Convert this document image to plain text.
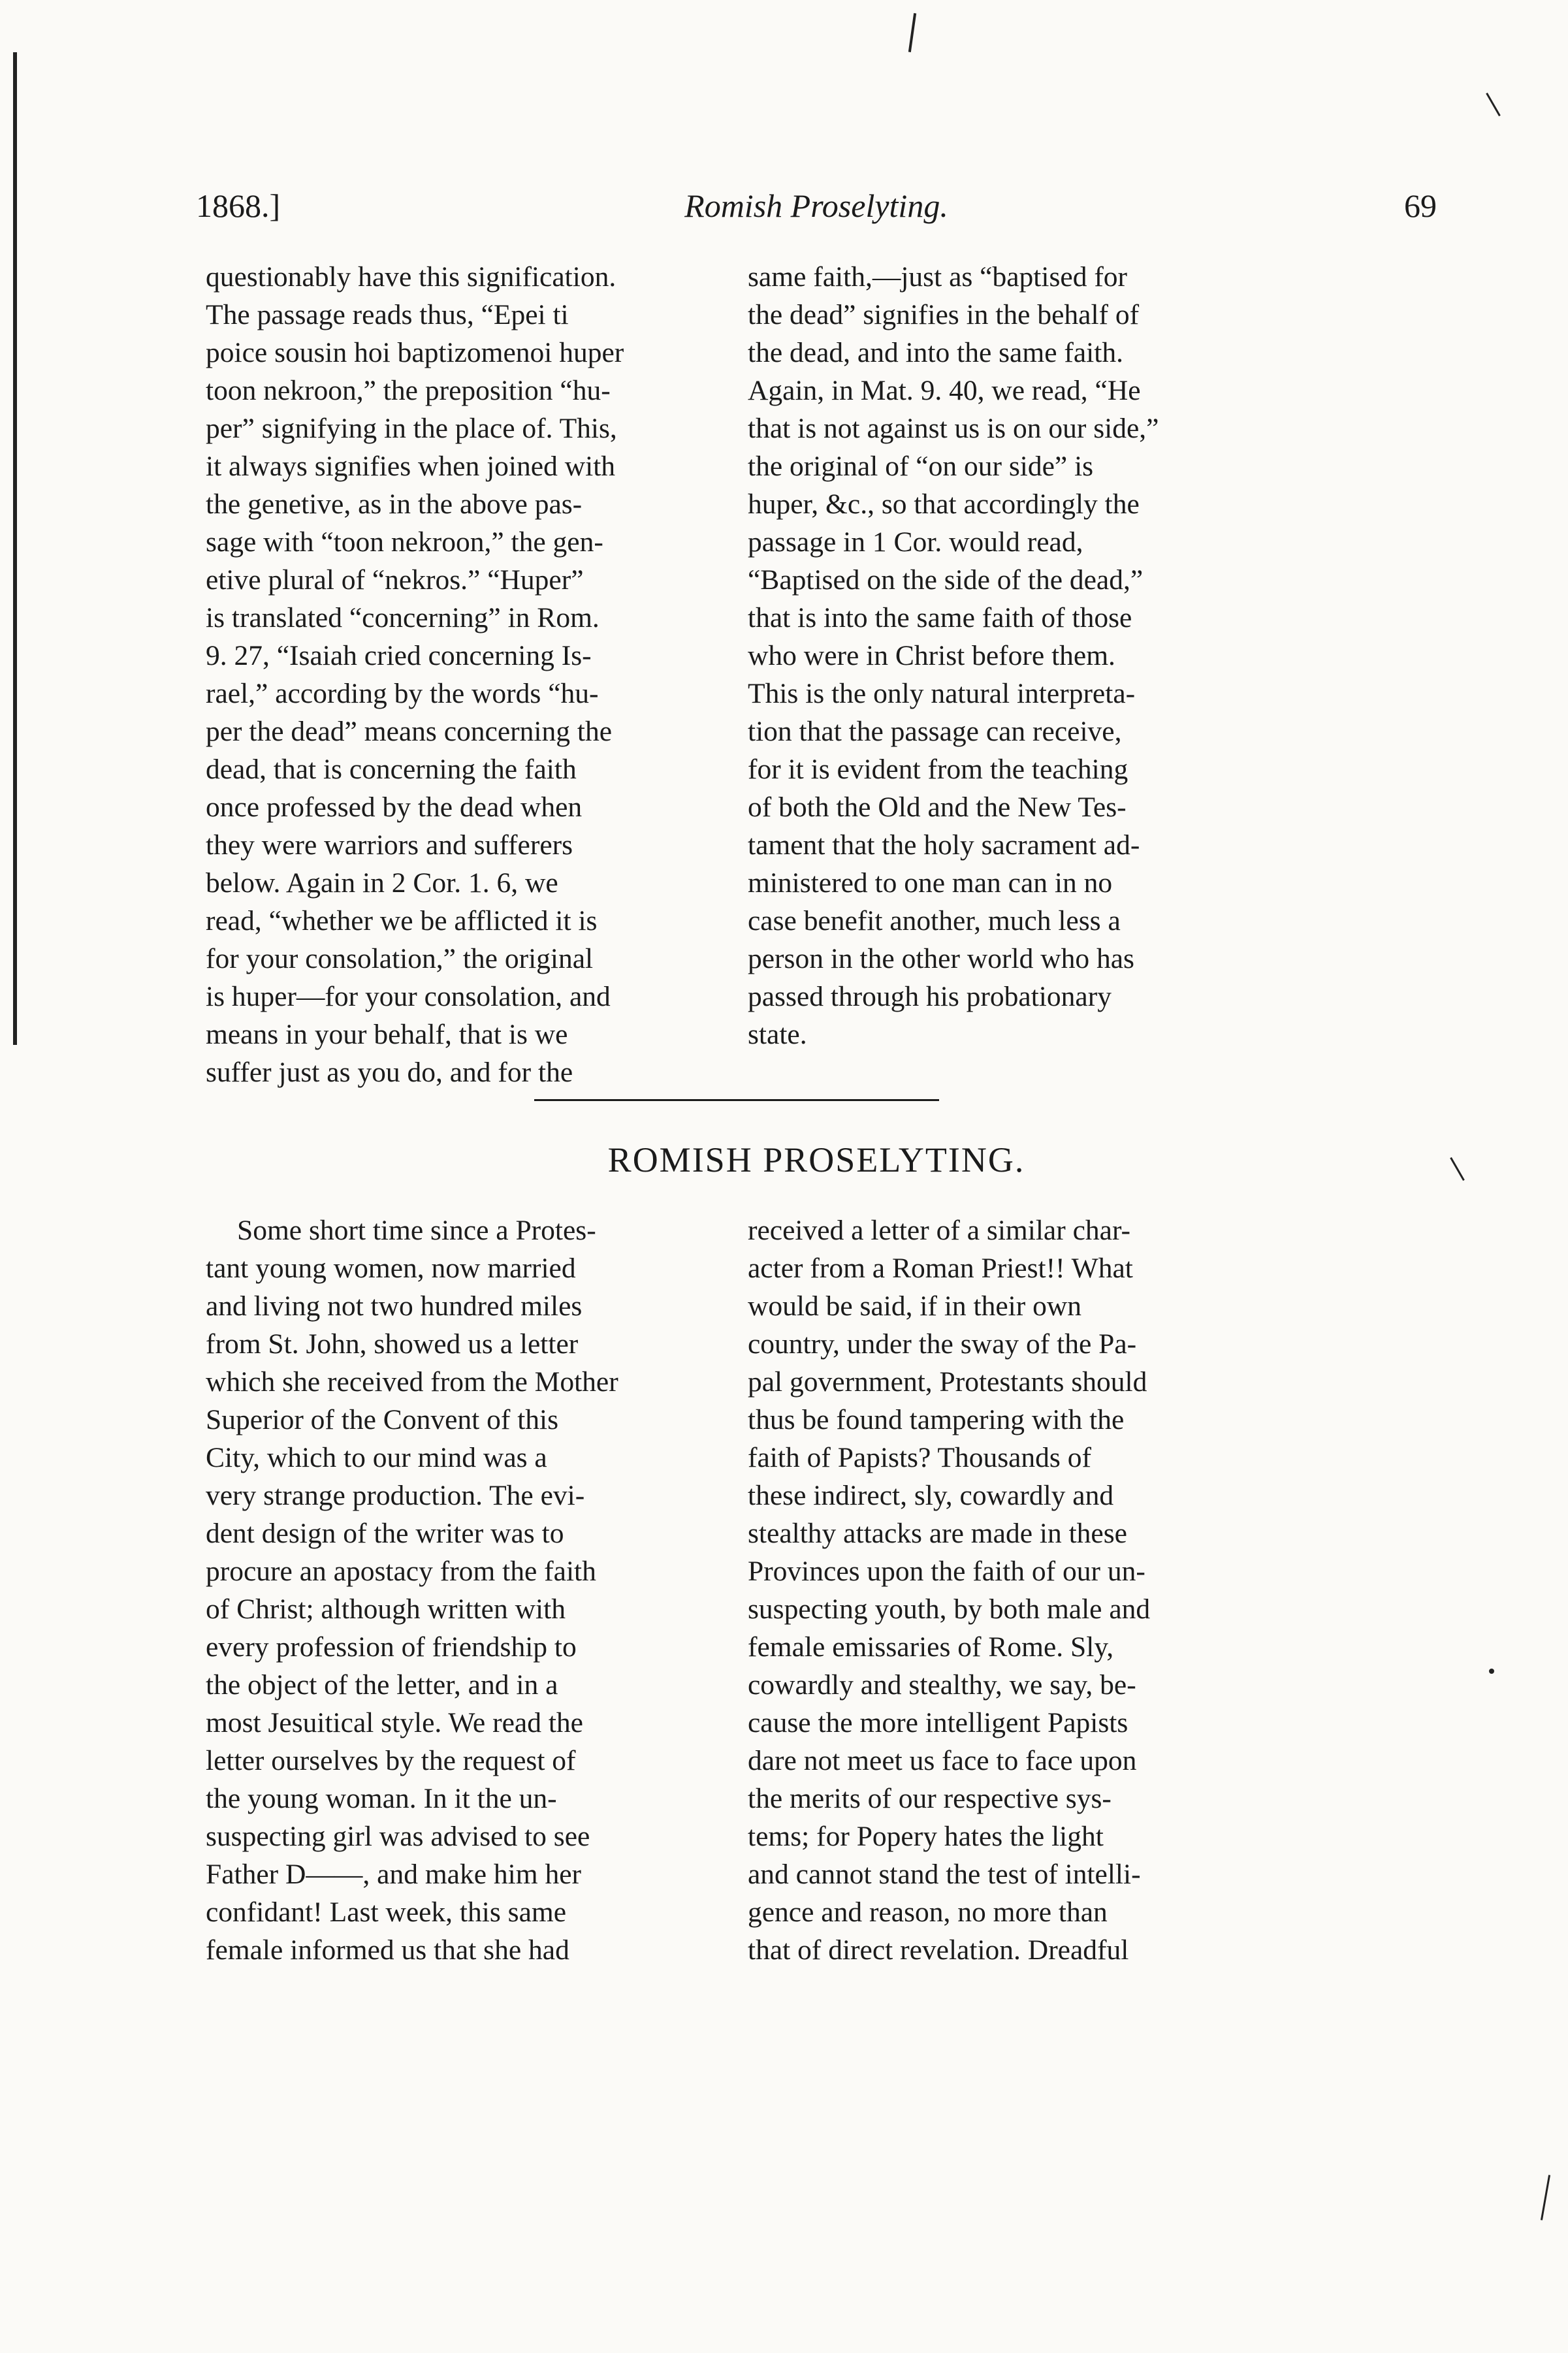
1868.]	Romish Proselyting.	69
questionably have this signification.
The passage reads thus, “Epei ti
poice sousin hoi baptizomenoi huper
toon nekroon,” the preposition “hu-
per” signifying in the place of. This,
it always signifies when joined with
the genetive, as in the above pas-
sage with “toon nekroon,” the gen-
etive plural of “nekros.” “Huper”
is translated “concerning” in Rom.
9. 27, “Isaiah cried concerning Is-
rael,” according by the words “hu-
per the dead” means concerning the
dead, that is concerning the faith
once professed by the dead when
they were warriors and sufferers
below. Again in 2 Cor. 1. 6, we
read, “whether we be afflicted it is
for your consolation,” the original
is huper—for your consolation, and
means in your behalf, that is we
suffer just as you do, and for the
same faith,—just as “baptised for
the dead” signifies in the behalf of
the dead, and into the same faith.
Again, in Mat. 9. 40, we read, “He
that is not against us is on our side,”
the original of “on our side” is
huper, &c., so that accordingly the
passage in 1 Cor. would read,
“Baptised on the side of the dead,”
that is into the same faith of those
who were in Christ before them.
This is the only natural interpreta-
tion that the passage can receive,
for it is evident from the teaching
of both the Old and the New Tes-
tament that the holy sacrament ad-
ministered to one man can in no
case benefit another, much less a
person in the other world who has
passed through his probationary
state.
ROMISH PROSELYTING.
Some short time since a Protes-
tant young women, now married
and living not two hundred miles
from St. John, showed us a letter
which she received from the Mother
Superior of the Convent of this
City, which to our mind was a
very strange production. The evi-
dent design of the writer was to
procure an apostacy from the faith
of Christ; although written with
every profession of friendship to
the object of the letter, and in a
most Jesuitical style. We read the
letter ourselves by the request of
the young woman. In it the un-
suspecting girl was advised to see
Father D——, and make him her
confidant! Last week, this same
female informed us that she had
received a letter of a similar char-
acter from a Roman Priest!! What
would be said, if in their own
country, under the sway of the Pa-
pal government, Protestants should
thus be found tampering with the
faith of Papists? Thousands of
these indirect, sly, cowardly and
stealthy attacks are made in these
Provinces upon the faith of our un-
suspecting youth, by both male and
female emissaries of Rome. Sly,
cowardly and stealthy, we say, be-
cause the more intelligent Papists
dare not meet us face to face upon
the merits of our respective sys-
tems; for Popery hates the light
and cannot stand the test of intelli-
gence and reason, no more than
that of direct revelation. Dreadful
